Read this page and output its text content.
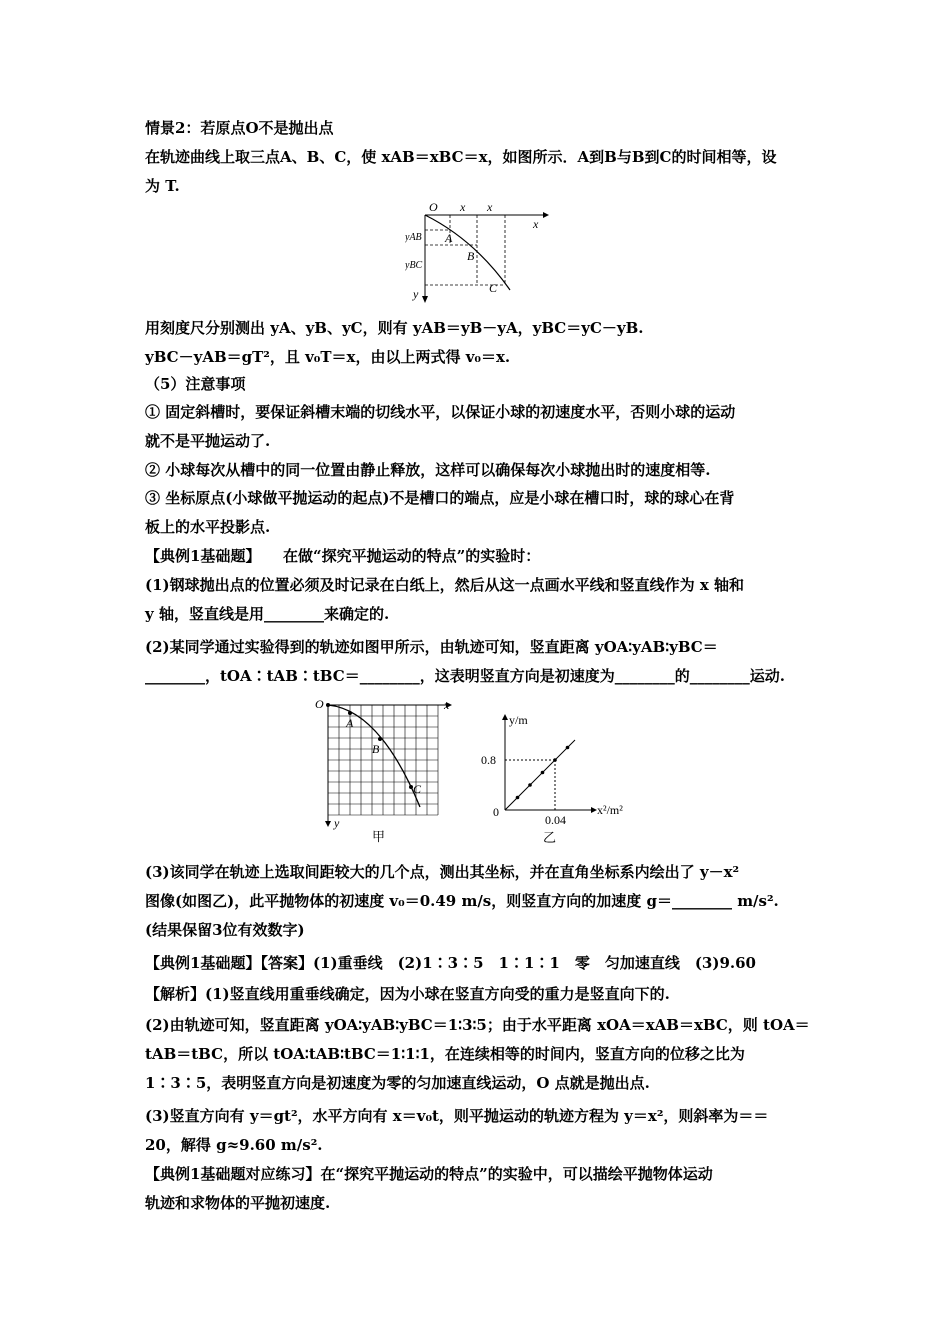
情景2：若原点O不是抛出点
在轨迹曲线上取三点A、B、C，使 xAB＝xBC＝x，如图所示．A到B与B到C的时间相等，设
为 T.
O x x
x
y
A
B
C
yAB
yBC
用刻度尺分别测出 yA、yB、yC，则有 yAB＝yB－yA，yBC＝yC－yB.
yBC－yAB＝gT²，且 v₀T＝x，由以上两式得 v₀＝x.
（5）注意事项
① 固定斜槽时，要保证斜槽末端的切线水平，以保证小球的初速度水平，否则小球的运动
就不是平抛运动了.
② 小球每次从槽中的同一位置由静止释放，这样可以确保每次小球抛出时的速度相等.
③ 坐标原点(小球做平抛运动的起点)不是槽口的端点，应是小球在槽口时，球的球心在背
板上的水平投影点.
【典例1基础题】　　在做“探究平抛运动的特点”的实验时：
(1)钢球抛出点的位置必须及时记录在白纸上，然后从这一点画水平线和竖直线作为 x 轴和
y 轴，竖直线是用________来确定的.
(2)某同学通过实验得到的轨迹如图甲所示，由轨迹可知，竖直距离 yOA∶yAB∶yBC＝
________，tOA∶tAB∶tBC＝________，这表明竖直方向是初速度为________的________运动.
O
A
B
C
x
y
甲
y/m
x²/m²
0.8
0.04
0
乙
(3)该同学在轨迹上选取间距较大的几个点，测出其坐标，并在直角坐标系内绘出了 y－x²
图像(如图乙)，此平抛物体的初速度 v₀＝0.49 m/s，则竖直方向的加速度 g＝________ m/s².
(结果保留3位有效数字)
【典例1基础题】【答案】(1)重垂线　(2)1∶3∶5　1∶1∶1　零　匀加速直线　(3)9.60
【解析】(1)竖直线用重垂线确定，因为小球在竖直方向受的重力是竖直向下的.
(2)由轨迹可知，竖直距离 yOA∶yAB∶yBC＝1∶3∶5；由于水平距离 xOA＝xAB＝xBC，则 tOA＝
tAB＝tBC，所以 tOA∶tAB∶tBC＝1∶1∶1，在连续相等的时间内，竖直方向的位移之比为
1∶3∶5，表明竖直方向是初速度为零的匀加速直线运动，O 点就是抛出点.
(3)竖直方向有 y＝gt²，水平方向有 x＝v₀t，则平抛运动的轨迹方程为 y＝x²，则斜率为＝＝
20，解得 g≈9.60 m/s².
【典例1基础题对应练习】在“探究平抛运动的特点”的实验中，可以描绘平抛物体运动
轨迹和求物体的平抛初速度.
